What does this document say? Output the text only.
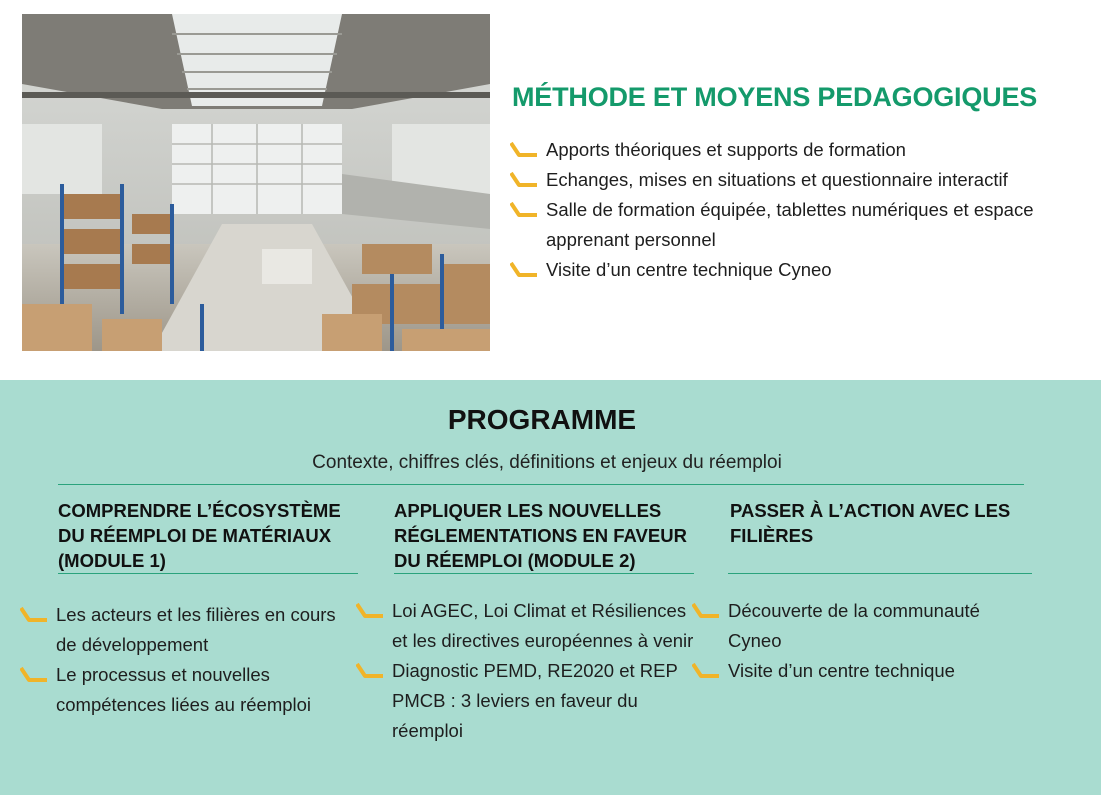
MÉTHODE ET MOYENS PEDAGOGIQUES
Apports théoriques et supports de formation
Echanges, mises en situations et questionnaire interactif
Salle de formation équipée, tablettes numériques et espace apprenant personnel
Visite d’un centre technique Cyneo
PROGRAMME
Contexte, chiffres clés, définitions et enjeux du réemploi
COMPRENDRE L’ÉCOSYSTÈME DU RÉEMPLOI DE MATÉRIAUX (MODULE 1)
Les acteurs et les filières en cours de développement
Le processus et nouvelles compétences liées au réemploi
APPLIQUER LES NOUVELLES RÉGLEMENTATIONS EN FAVEUR DU RÉEMPLOI (MODULE 2)
Loi AGEC, Loi Climat et Résiliences et les directives européennes à venir
Diagnostic PEMD, RE2020 et REP PMCB : 3 leviers en faveur du réemploi
PASSER À L’ACTION AVEC LES FILIÈRES
Découverte de la communauté Cyneo
Visite d’un centre technique
